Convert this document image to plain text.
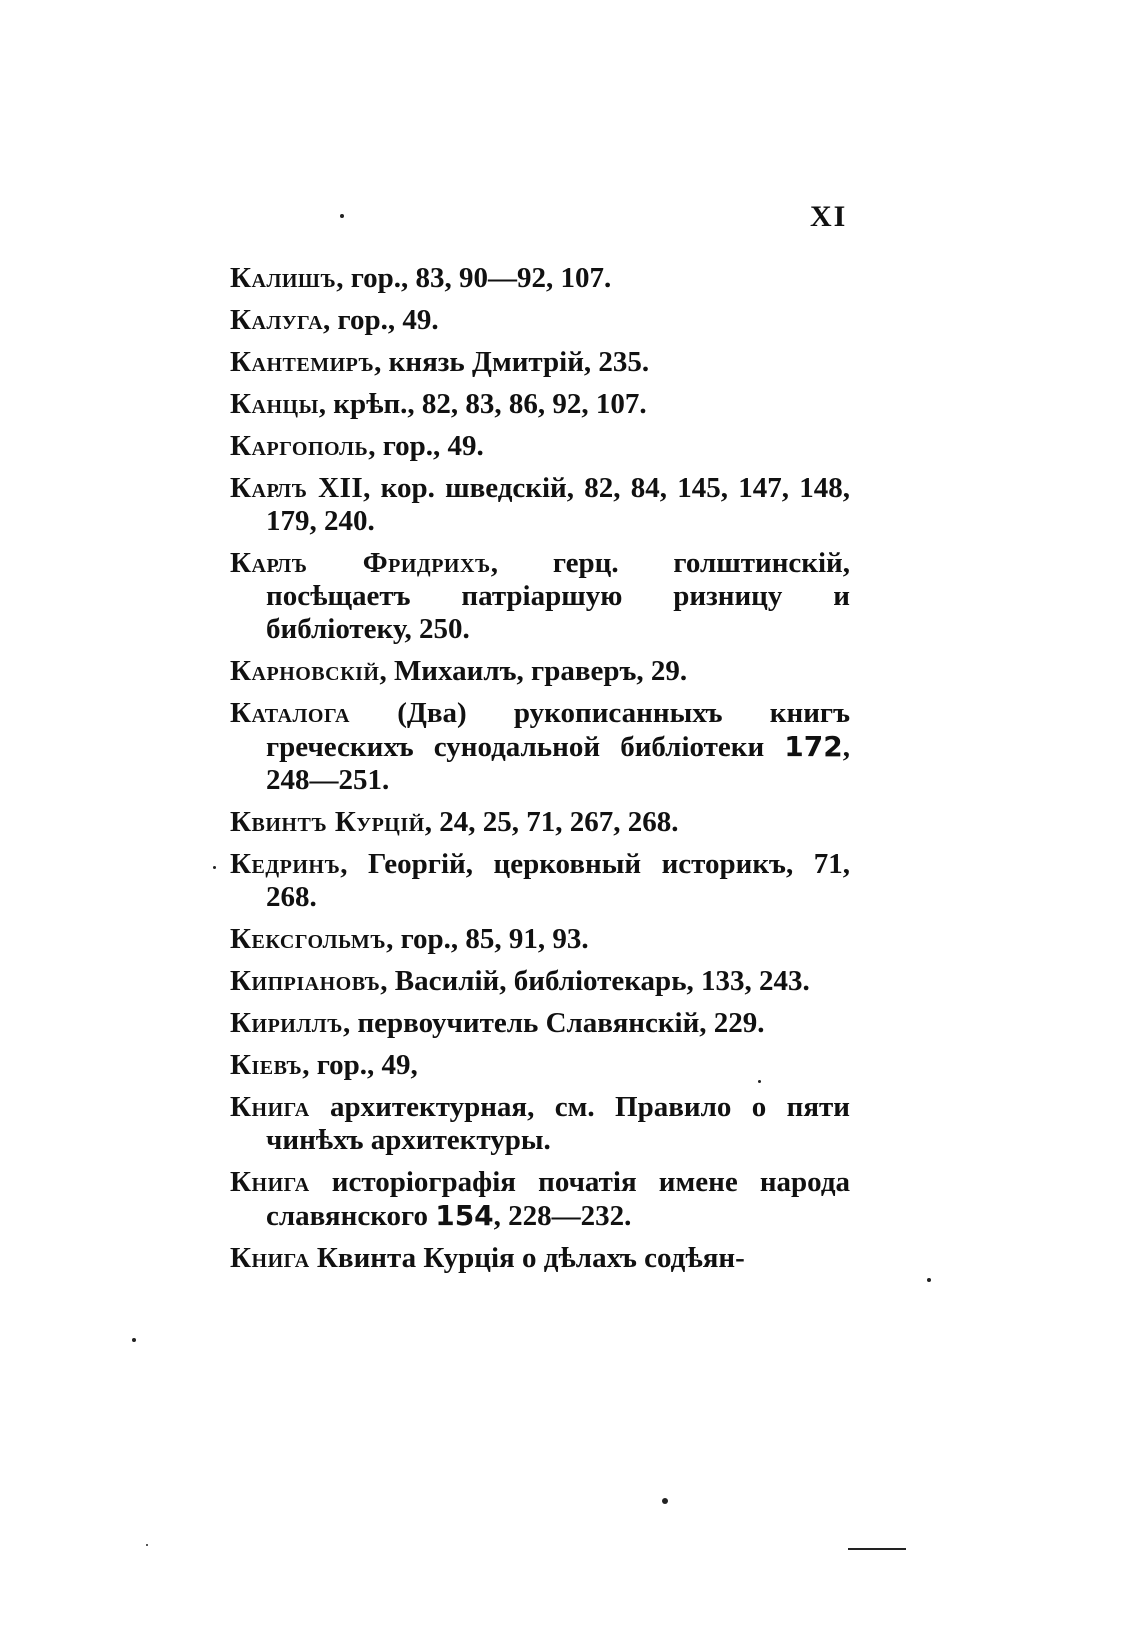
XI

Калишъ, гор., 83, 90—92, 107.

Калуга, гор., 49.

Кантемиръ, князь Дмитрій, 235.

Канцы, крѣп., 82, 83, 86, 92, 107.

Каргополь, гор., 49.

Карлъ XII, кор. шведскій, 82, 84, 145, 147, 148, 179, 240.

Карлъ Фридрихъ, герц. голштинскій, посѣщаетъ патріаршую ризницу и библіотеку, 250.

Карновскій, Михаилъ, граверъ, 29.

Каталога (Два) рукописанныхъ книгъ греческихъ сунодальной библіотеки 172, 248—251.

Квинтъ Курцій, 24, 25, 71, 267, 268.

Кедринъ, Георгій, церковный историкъ, 71, 268.

Кексгольмъ, гор., 85, 91, 93.

Кипріановъ, Василій, библіотекарь, 133, 243.

Кириллъ, первоучитель Славянскій, 229.

Кіевъ, гор., 49,

Книга архитектурная, см. Правило о пяти чинѣхъ архитектуры.

Книга исторіографія початія имене народа славянского 154, 228—232.

Книга Квинта Курція о дѣлахъ содѣян-
